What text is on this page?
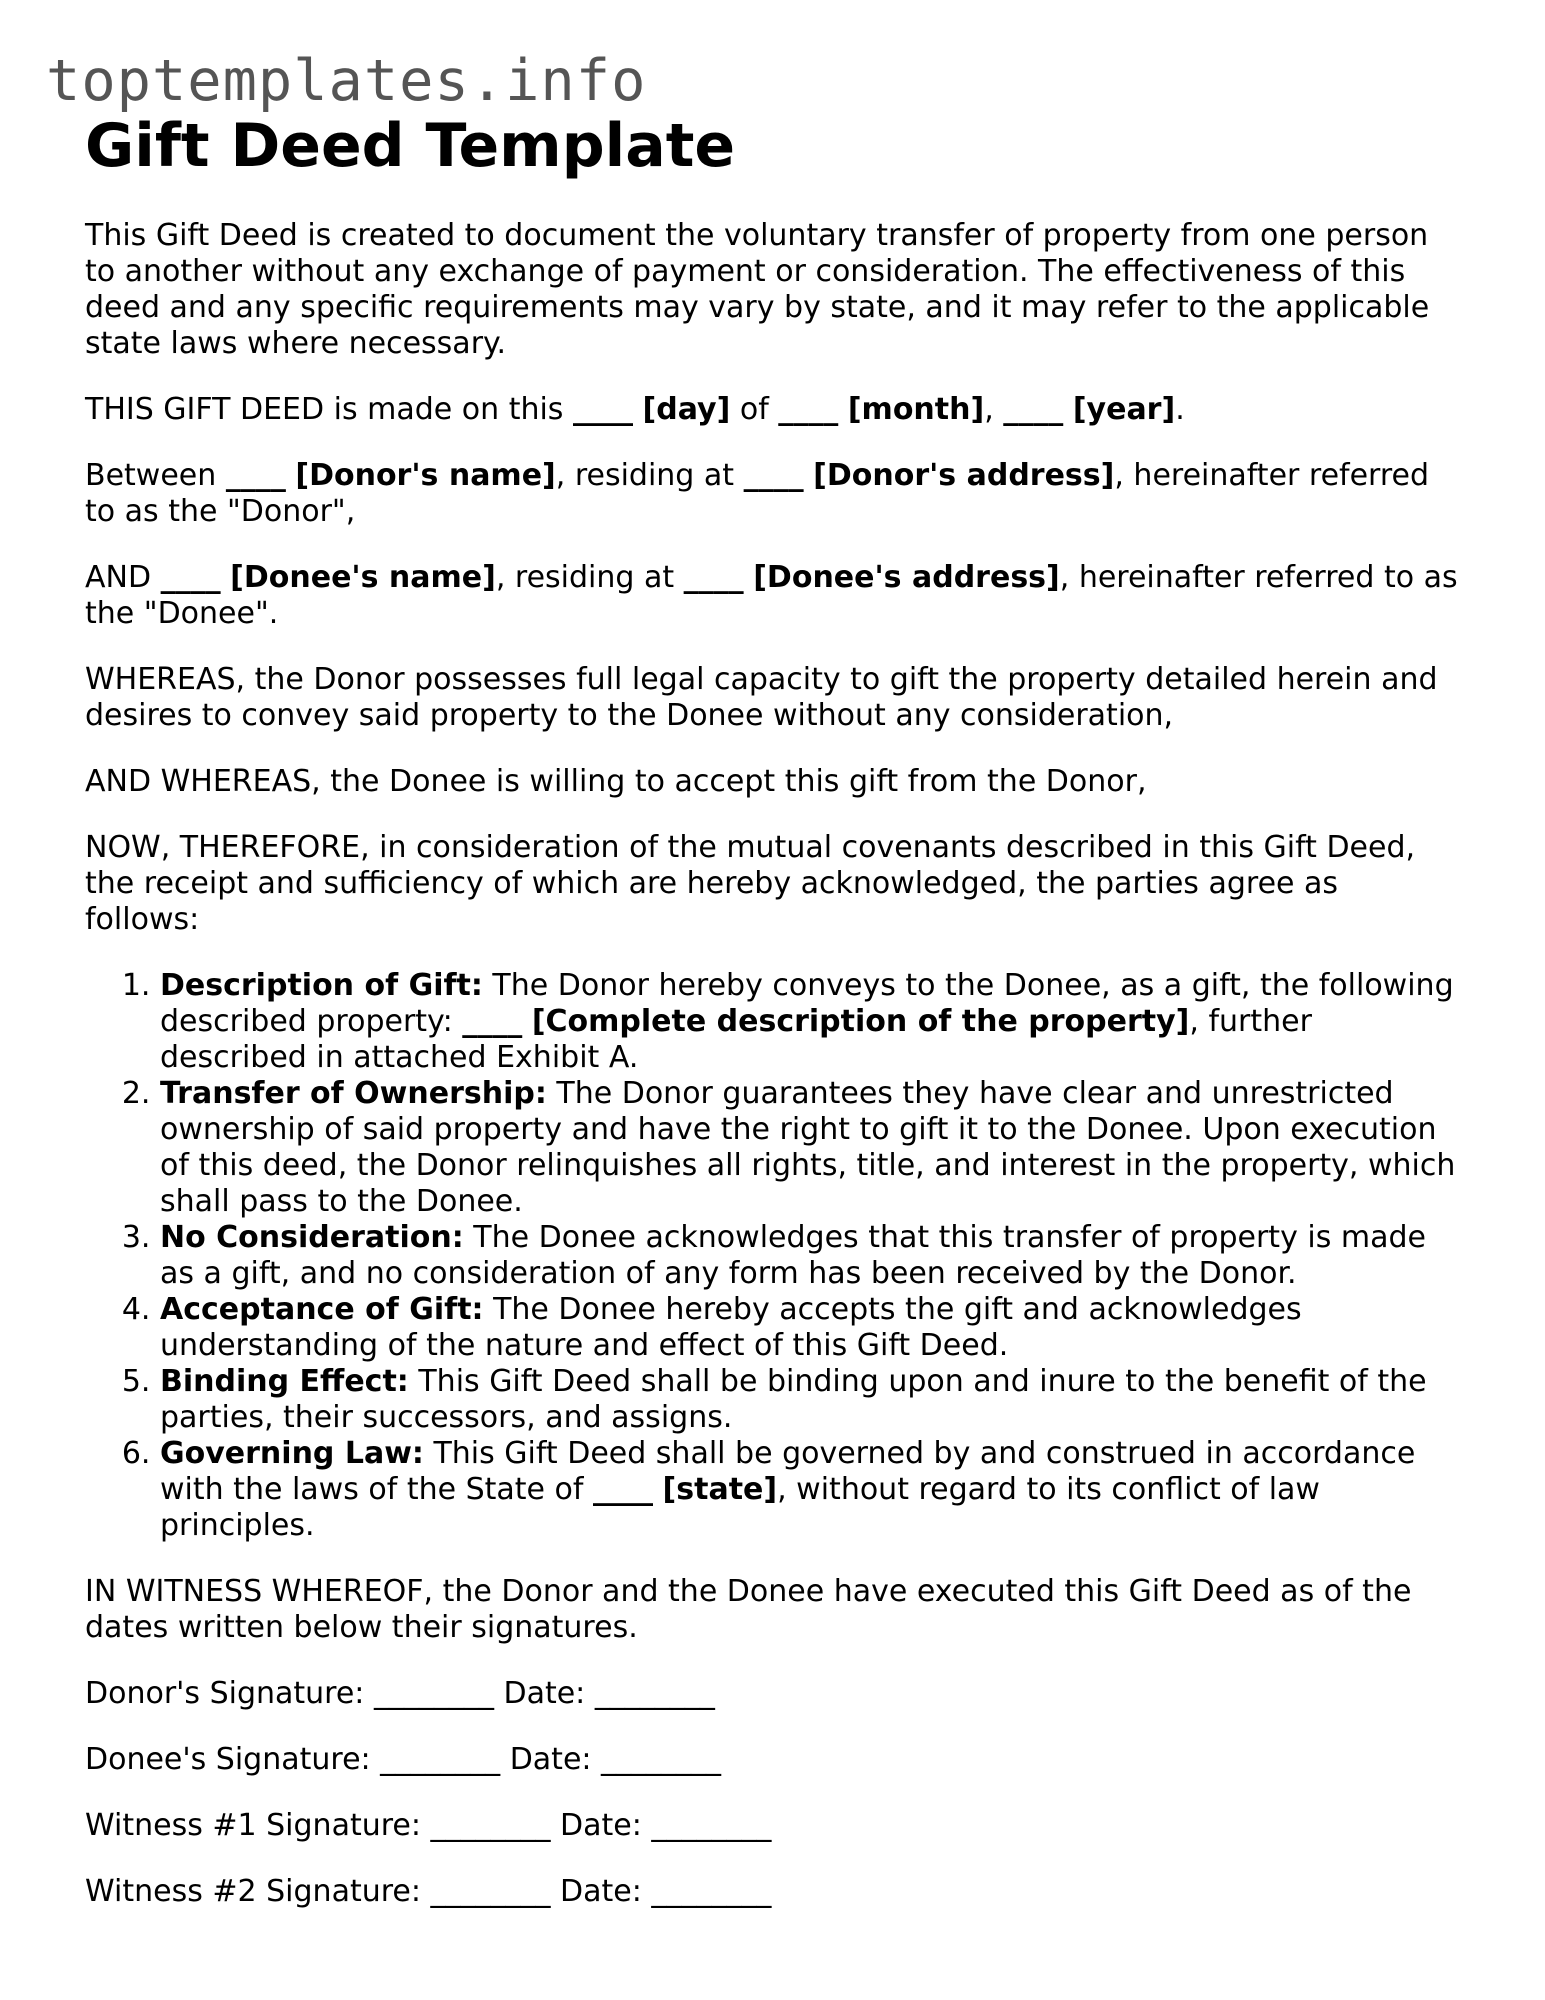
toptemplates.info
Gift Deed Template

This Gift Deed is created to document the voluntary transfer of property from one person to another without any exchange of payment or consideration. The effectiveness of this deed and any specific requirements may vary by state, and it may refer to the applicable state laws where necessary.

THIS GIFT DEED is made on this ____ [day] of ____ [month], ____ [year].

Between ____ [Donor's name], residing at ____ [Donor's address], hereinafter referred to as the "Donor",

AND ____ [Donee's name], residing at ____ [Donee's address], hereinafter referred to as the "Donee".

WHEREAS, the Donor possesses full legal capacity to gift the property detailed herein and desires to convey said property to the Donee without any consideration,

AND WHEREAS, the Donee is willing to accept this gift from the Donor,

NOW, THEREFORE, in consideration of the mutual covenants described in this Gift Deed, the receipt and sufficiency of which are hereby acknowledged, the parties agree as follows:

1. Description of Gift: The Donor hereby conveys to the Donee, as a gift, the following described property: ____ [Complete description of the property], further described in attached Exhibit A.
2. Transfer of Ownership: The Donor guarantees they have clear and unrestricted ownership of said property and have the right to gift it to the Donee. Upon execution of this deed, the Donor relinquishes all rights, title, and interest in the property, which shall pass to the Donee.
3. No Consideration: The Donee acknowledges that this transfer of property is made as a gift, and no consideration of any form has been received by the Donor.
4. Acceptance of Gift: The Donee hereby accepts the gift and acknowledges understanding of the nature and effect of this Gift Deed.
5. Binding Effect: This Gift Deed shall be binding upon and inure to the benefit of the parties, their successors, and assigns.
6. Governing Law: This Gift Deed shall be governed by and construed in accordance with the laws of the State of ____ [state], without regard to its conflict of law principles.

IN WITNESS WHEREOF, the Donor and the Donee have executed this Gift Deed as of the dates written below their signatures.

Donor's Signature: ________ Date: ________

Donee's Signature: ________ Date: ________

Witness #1 Signature: ________ Date: ________

Witness #2 Signature: ________ Date: ________
